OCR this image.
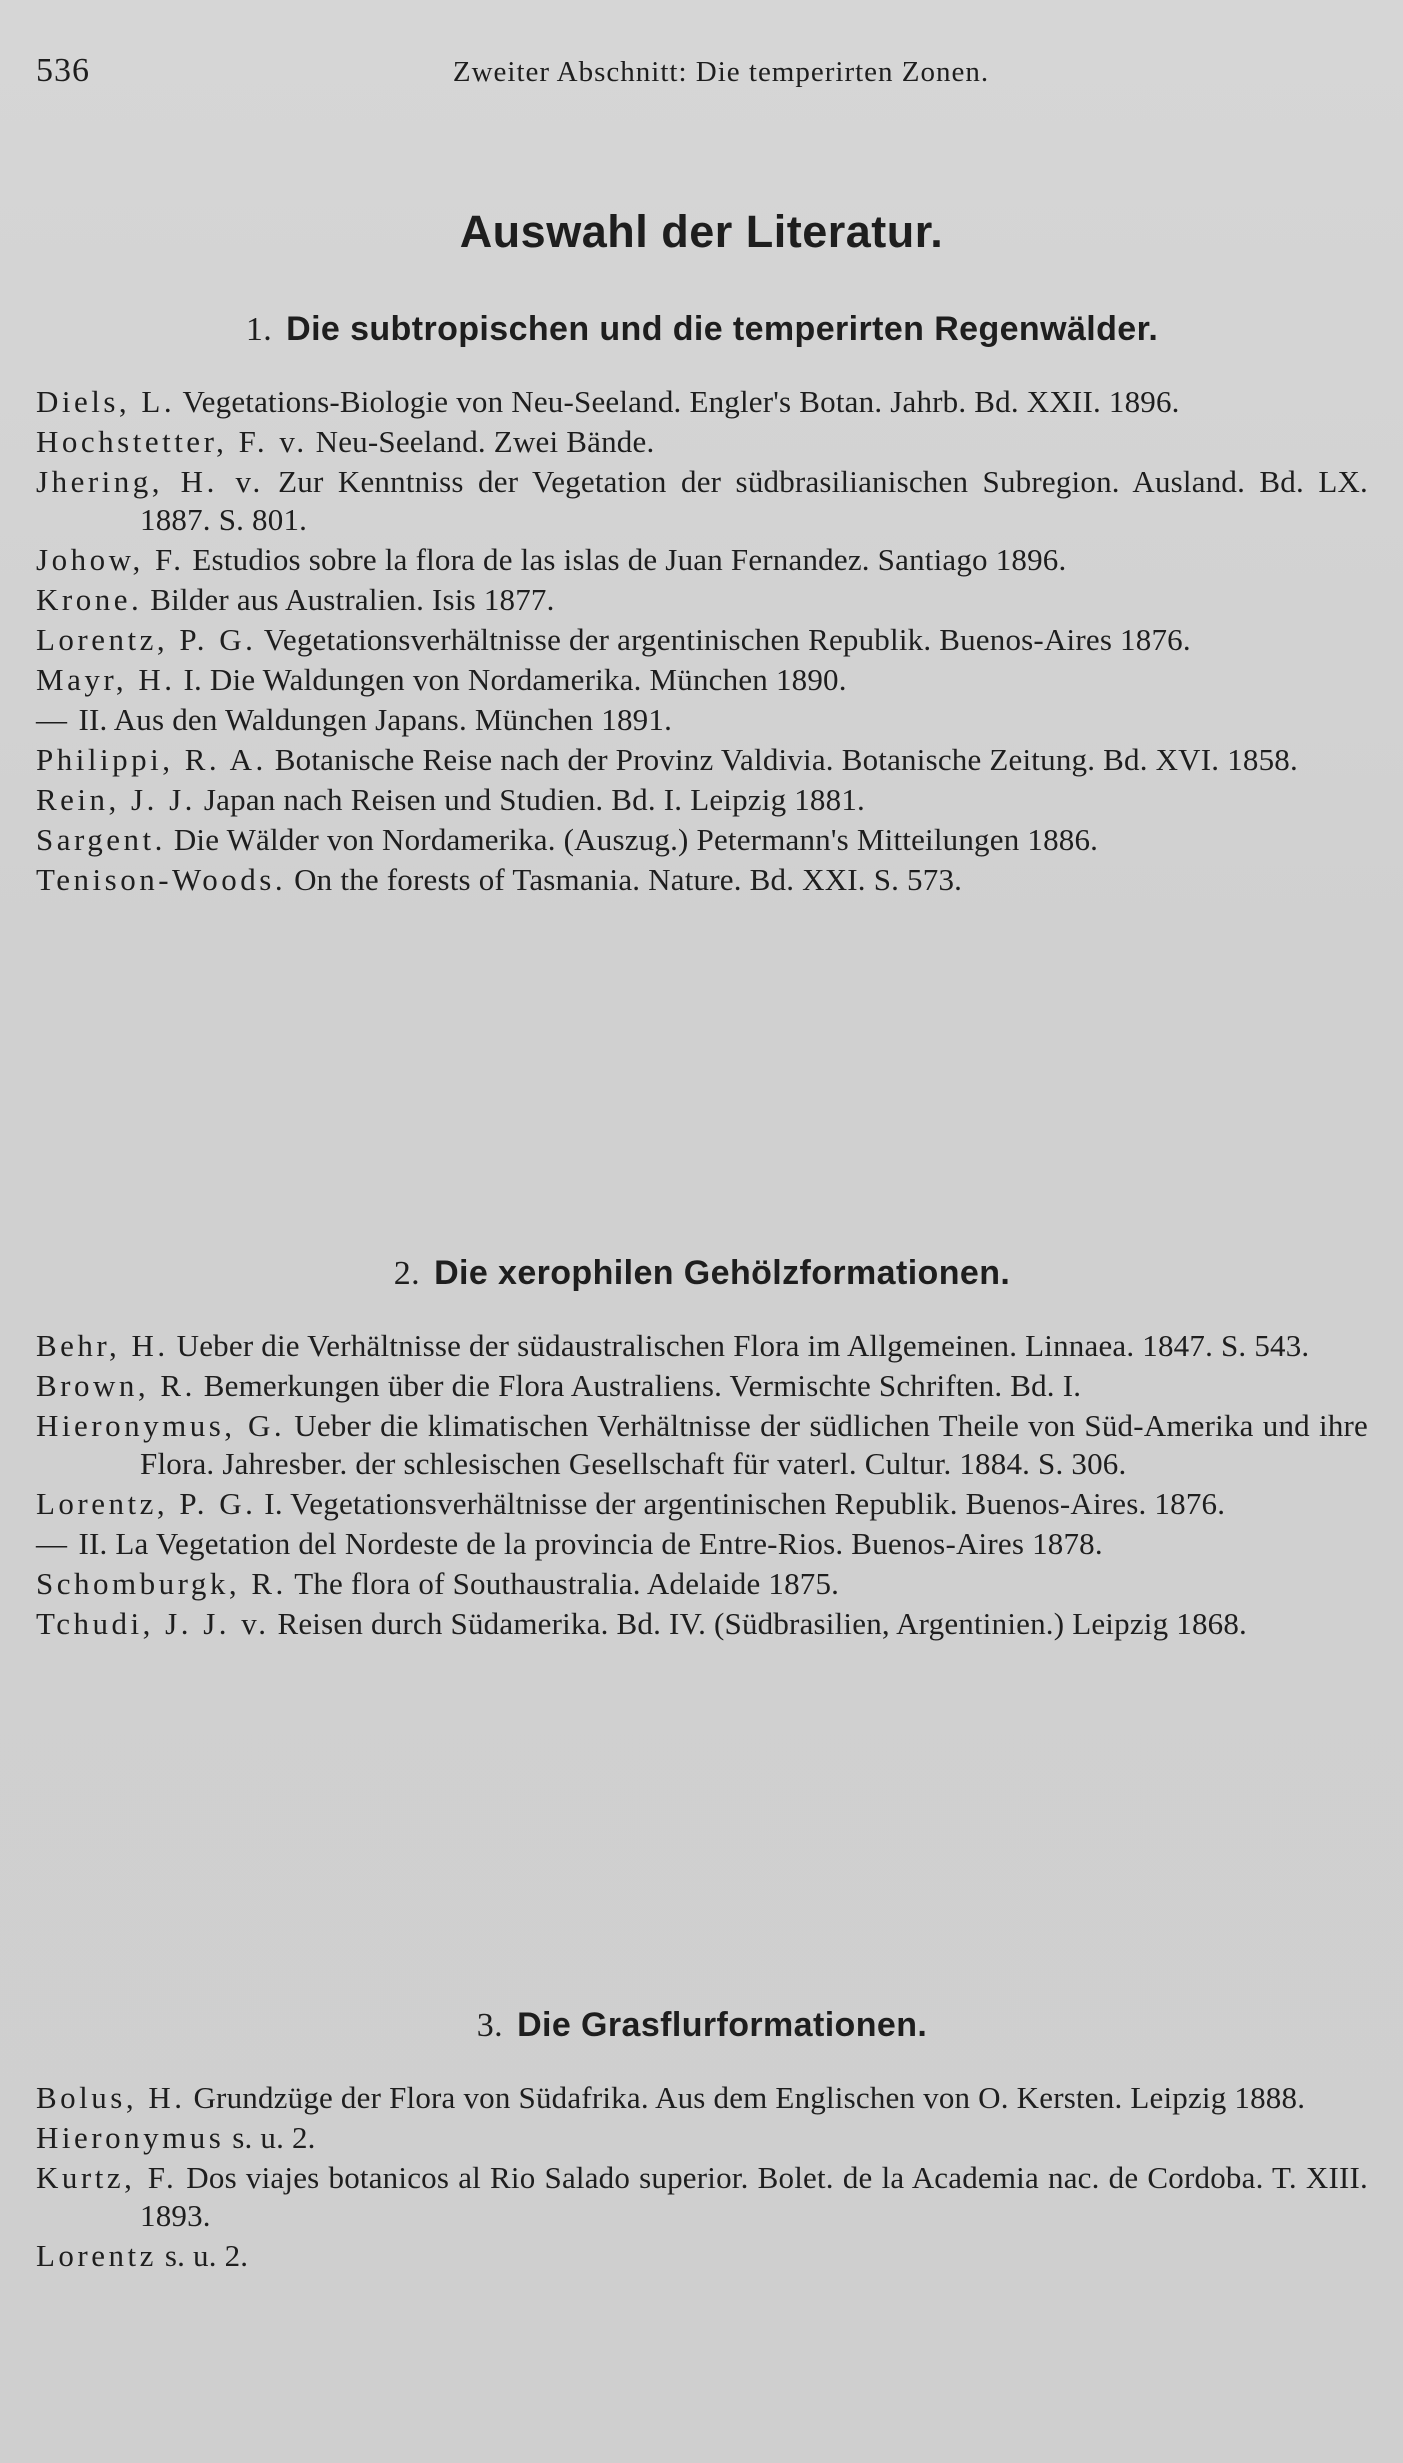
536	Zweiter Abschnitt: Die temperirten Zonen.
Auswahl der Literatur.
1. Die subtropischen und die temperirten Regenwälder.
Diels, L. Vegetations-Biologie von Neu-Seeland. Engler's Botan. Jahrb. Bd. XXII. 1896.
Hochstetter, F. v. Neu-Seeland. Zwei Bände.
Jhering, H. v. Zur Kenntniss der Vegetation der südbrasilianischen Subregion. Ausland. Bd. LX. 1887. S. 801.
Johow, F. Estudios sobre la flora de las islas de Juan Fernandez. Santiago 1896.
Krone. Bilder aus Australien. Isis 1877.
Lorentz, P. G. Vegetationsverhältnisse der argentinischen Republik. Buenos-Aires 1876.
Mayr, H. I. Die Waldungen von Nordamerika. München 1890.
— II. Aus den Waldungen Japans. München 1891.
Philippi, R. A. Botanische Reise nach der Provinz Valdivia. Botanische Zeitung. Bd. XVI. 1858.
Rein, J. J. Japan nach Reisen und Studien. Bd. I. Leipzig 1881.
Sargent. Die Wälder von Nordamerika. (Auszug.) Petermann's Mitteilungen 1886.
Tenison-Woods. On the forests of Tasmania. Nature. Bd. XXI. S. 573.
2. Die xerophilen Gehölzformationen.
Behr, H. Ueber die Verhältnisse der südaustralischen Flora im Allgemeinen. Linnaea. 1847. S. 543.
Brown, R. Bemerkungen über die Flora Australiens. Vermischte Schriften. Bd. I.
Hieronymus, G. Ueber die klimatischen Verhältnisse der südlichen Theile von Süd-Amerika und ihre Flora. Jahresber. der schlesischen Gesellschaft für vaterl. Cultur. 1884. S. 306.
Lorentz, P. G. I. Vegetationsverhältnisse der argentinischen Republik. Buenos-Aires. 1876.
— II. La Vegetation del Nordeste de la provincia de Entre-Rios. Buenos-Aires 1878.
Schomburgk, R. The flora of Southaustralia. Adelaide 1875.
Tchudi, J. J. v. Reisen durch Südamerika. Bd. IV. (Südbrasilien, Argentinien.) Leipzig 1868.
3. Die Grasflurformationen.
Bolus, H. Grundzüge der Flora von Südafrika. Aus dem Englischen von O. Kersten. Leipzig 1888.
Hieronymus s. u. 2.
Kurtz, F. Dos viajes botanicos al Rio Salado superior. Bolet. de la Academia nac. de Cordoba. T. XIII. 1893.
Lorentz s. u. 2.
